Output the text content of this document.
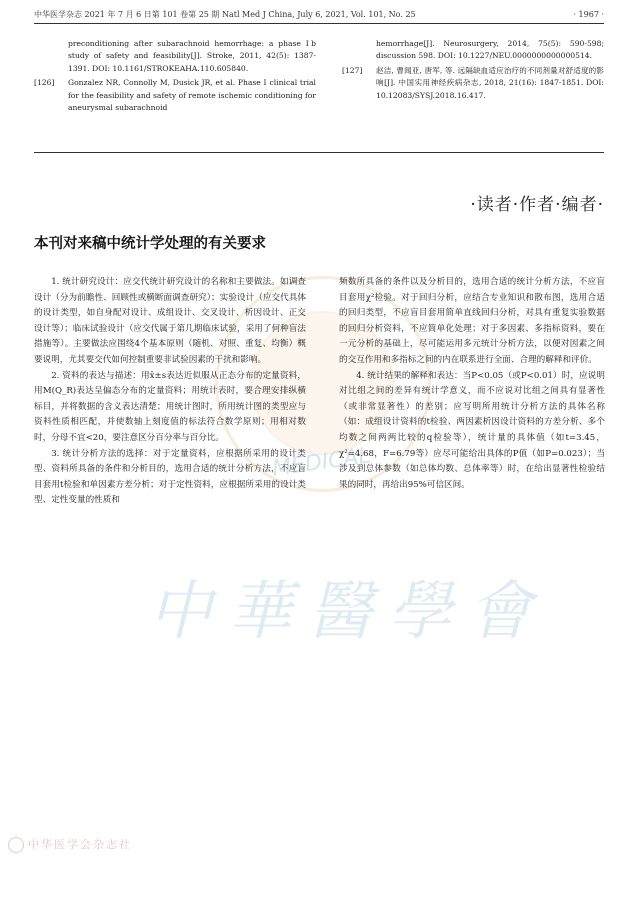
中华医学杂志 2021 年 7 月 6 日第 101 卷第 25 期 Natl Med J China, July 6, 2021, Vol. 101, No. 25	· 1967 ·
MEDICAL
preconditioning after subarachnoid hemorrhage: a phase Ⅰb study of safety and feasibility[J]. Stroke, 2011, 42(5): 1387-1391. DOI: 10.1161/STROKEAHA.110.605840.
[126] Gonzalez NR, Connolly M, Dusick JR, et al. Phase Ⅰ clinical trial for the feasibility and safety of remote ischemic conditioning for aneurysmal subarachnoid
hemorrhage[J]. Neurosurgery, 2014, 75(5): 590-598; discussion 598. DOI: 10.1227/NEU.0000000000000514.
[127] 赵洁, 曹闻亚, 唐军, 等. 远隔缺血适应治疗的不同剂量对舒适度的影响[J]. 中国实用神经疾病杂志, 2018, 21(16): 1847-1851. DOI: 10.12083/SYSJ.2018.16.417.
·读者·作者·编者·
本刊对来稿中统计学处理的有关要求

1. 统计研究设计：应交代统计研究设计的名称和主要做法。如调查设计（分为前瞻性、回顾性或横断面调查研究）；实验设计（应交代具体的设计类型，如自身配对设计、成组设计、交叉设计、析因设计、正交设计等）；临床试验设计（应交代属于第几期临床试验，采用了何种盲法措施等）。主要做法应围绕4个基本原则（随机、对照、重复、均衡）概要说明，尤其要交代如何控制重要非试验因素的干扰和影响。

2. 资料的表达与描述：用x̄±s表达近似服从正态分布的定量资料，用M(Q_R)表达呈偏态分布的定量资料；用统计表时，要合理安排纵横标目，并将数据的含义表达清楚；用统计图时，所用统计图的类型应与资料性质相匹配，并使数轴上刻度值的标法符合数学原则；用相对数时，分母不宜<20，要注意区分百分率与百分比。

3. 统计分析方法的选择：对于定量资料，应根据所采用的设计类型、资料所具备的条件和分析目的，选用合适的统计分析方法，不应盲目套用t检验和单因素方差分析；对于定性资料，应根据所采用的设计类型、定性变量的性质和

频数所具备的条件以及分析目的，选用合适的统计分析方法，不应盲目套用χ²检验。对于回归分析，应结合专业知识和散布图，选用合适的回归类型，不应盲目套用简单直线回归分析，对具有重复实验数据的回归分析资料，不应简单化处理；对于多因素、多指标资料，要在一元分析的基础上，尽可能运用多元统计分析方法，以便对因素之间的交互作用和多指标之间的内在联系进行全面、合理的解释和评价。

4. 统计结果的解释和表达：当P<0.05（或P<0.01）时，应说明对比组之间的差异有统计学意义，而不应说对比组之间具有显著性（或非常显著性）的差别；应写明所用统计分析方法的具体名称（如：成组设计资料的t检验、两因素析因设计资料的方差分析、多个均数之间两两比较的q检验等），统计量的具体值（如t=3.45，χ²=4.68，F=6.79等）应尽可能给出具体的P值（如P=0.023）；当涉及到总体参数（如总体均数、总体率等）时，在给出显著性检验结果的同时，再给出95%可信区间。

中華醫學會
中华医学会杂志社
